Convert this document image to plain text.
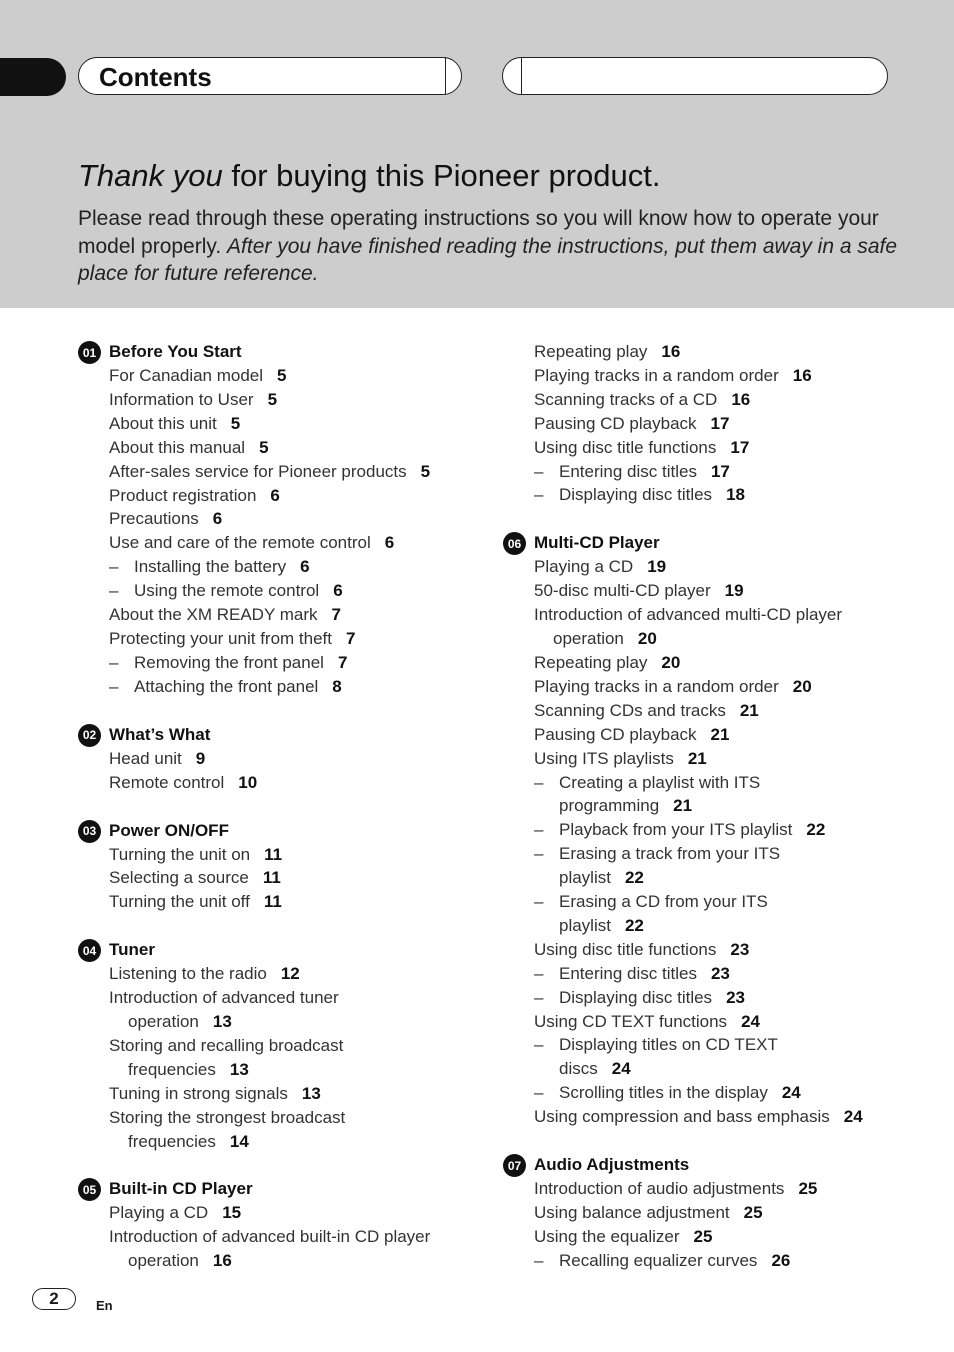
Contents
Thank you for buying this Pioneer product.
Please read through these operating instructions so you will know how to operate your model properly. After you have finished reading the instructions, put them away in a safe place for future reference.
01 Before You Start
For Canadian model 5
Information to User 5
About this unit 5
About this manual 5
After-sales service for Pioneer products 5
Product registration 6
Precautions 6
Use and care of the remote control 6
– Installing the battery 6
– Using the remote control 6
About the XM READY mark 7
Protecting your unit from theft 7
– Removing the front panel 7
– Attaching the front panel 8
02 What’s What
Head unit 9
Remote control 10
03 Power ON/OFF
Turning the unit on 11
Selecting a source 11
Turning the unit off 11
04 Tuner
Listening to the radio 12
Introduction of advanced tuner
operation 13
Storing and recalling broadcast
frequencies 13
Tuning in strong signals 13
Storing the strongest broadcast
frequencies 14
05 Built-in CD Player
Playing a CD 15
Introduction of advanced built-in CD player
operation 16
Repeating play 16
Playing tracks in a random order 16
Scanning tracks of a CD 16
Pausing CD playback 17
Using disc title functions 17
– Entering disc titles 17
– Displaying disc titles 18
06 Multi-CD Player
Playing a CD 19
50-disc multi-CD player 19
Introduction of advanced multi-CD player
operation 20
Repeating play 20
Playing tracks in a random order 20
Scanning CDs and tracks 21
Pausing CD playback 21
Using ITS playlists 21
– Creating a playlist with ITS
programming 21
– Playback from your ITS playlist 22
– Erasing a track from your ITS
playlist 22
– Erasing a CD from your ITS
playlist 22
Using disc title functions 23
– Entering disc titles 23
– Displaying disc titles 23
Using CD TEXT functions 24
– Displaying titles on CD TEXT
discs 24
– Scrolling titles in the display 24
Using compression and bass emphasis 24
07 Audio Adjustments
Introduction of audio adjustments 25
Using balance adjustment 25
Using the equalizer 25
– Recalling equalizer curves 26
2	En
